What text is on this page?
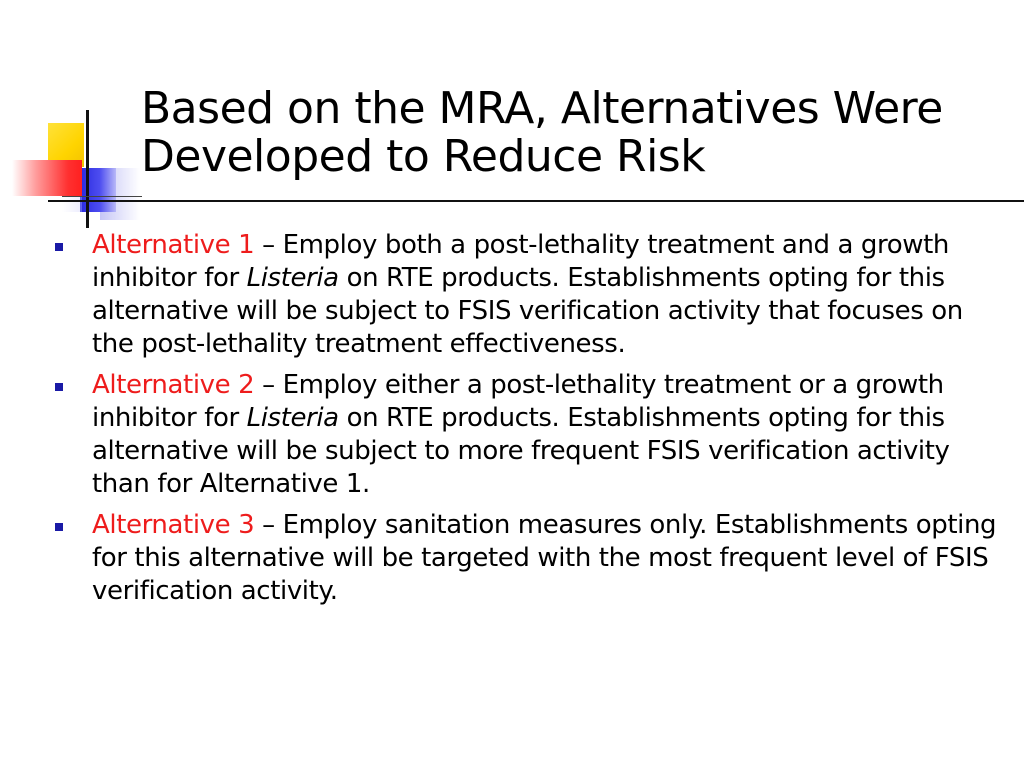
Based on the MRA, Alternatives Were Developed to Reduce Risk
Alternative 1 – Employ both a post-lethality treatment and a growth inhibitor for Listeria on RTE products. Establishments opting for this alternative will be subject to FSIS verification activity that focuses on the post-lethality treatment effectiveness.
Alternative 2 – Employ either a post-lethality treatment or a growth inhibitor for Listeria on RTE products. Establishments opting for this alternative will be subject to more frequent FSIS verification activity than for Alternative 1.
Alternative 3 – Employ sanitation measures only. Establishments opting for this alternative will be targeted with the most frequent level of FSIS verification activity.
